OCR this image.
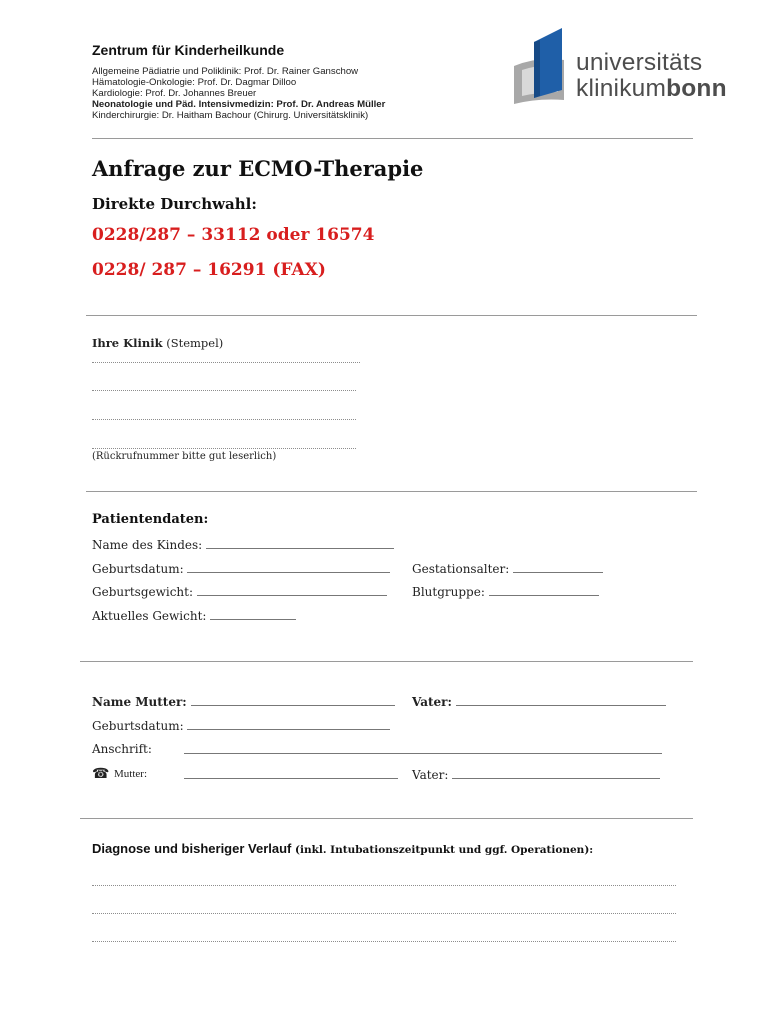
Zentrum für Kinderheilkunde
Allgemeine Pädiatrie und Poliklinik: Prof. Dr. Rainer Ganschow
Hämatologie-Onkologie: Prof. Dr. Dagmar Dilloo
Kardiologie: Prof. Dr. Johannes Breuer
Neonatologie und Päd. Intensivmedizin: Prof. Dr. Andreas Müller
Kinderchirurgie: Dr. Haitham Bachour (Chirurg. Universitätsklinik)
universitäts
klinikumbonn
Anfrage zur ECMO-Therapie
Direkte Durchwahl:
0228/287 – 33112 oder 16574
0228/ 287 – 16291 (FAX)
Ihre Klinik (Stempel)
(Rückrufnummer bitte gut leserlich)
Patientendaten:
Name des Kindes:
Geburtsdatum:	Gestationsalter:
Geburtsgewicht:	Blutgruppe:
Aktuelles Gewicht:
Name Mutter:	Vater:
Geburtsdatum:
Anschrift:
☎ Mutter:	Vater:
Diagnose und bisheriger Verlauf (inkl. Intubationszeitpunkt und ggf. Operationen):
